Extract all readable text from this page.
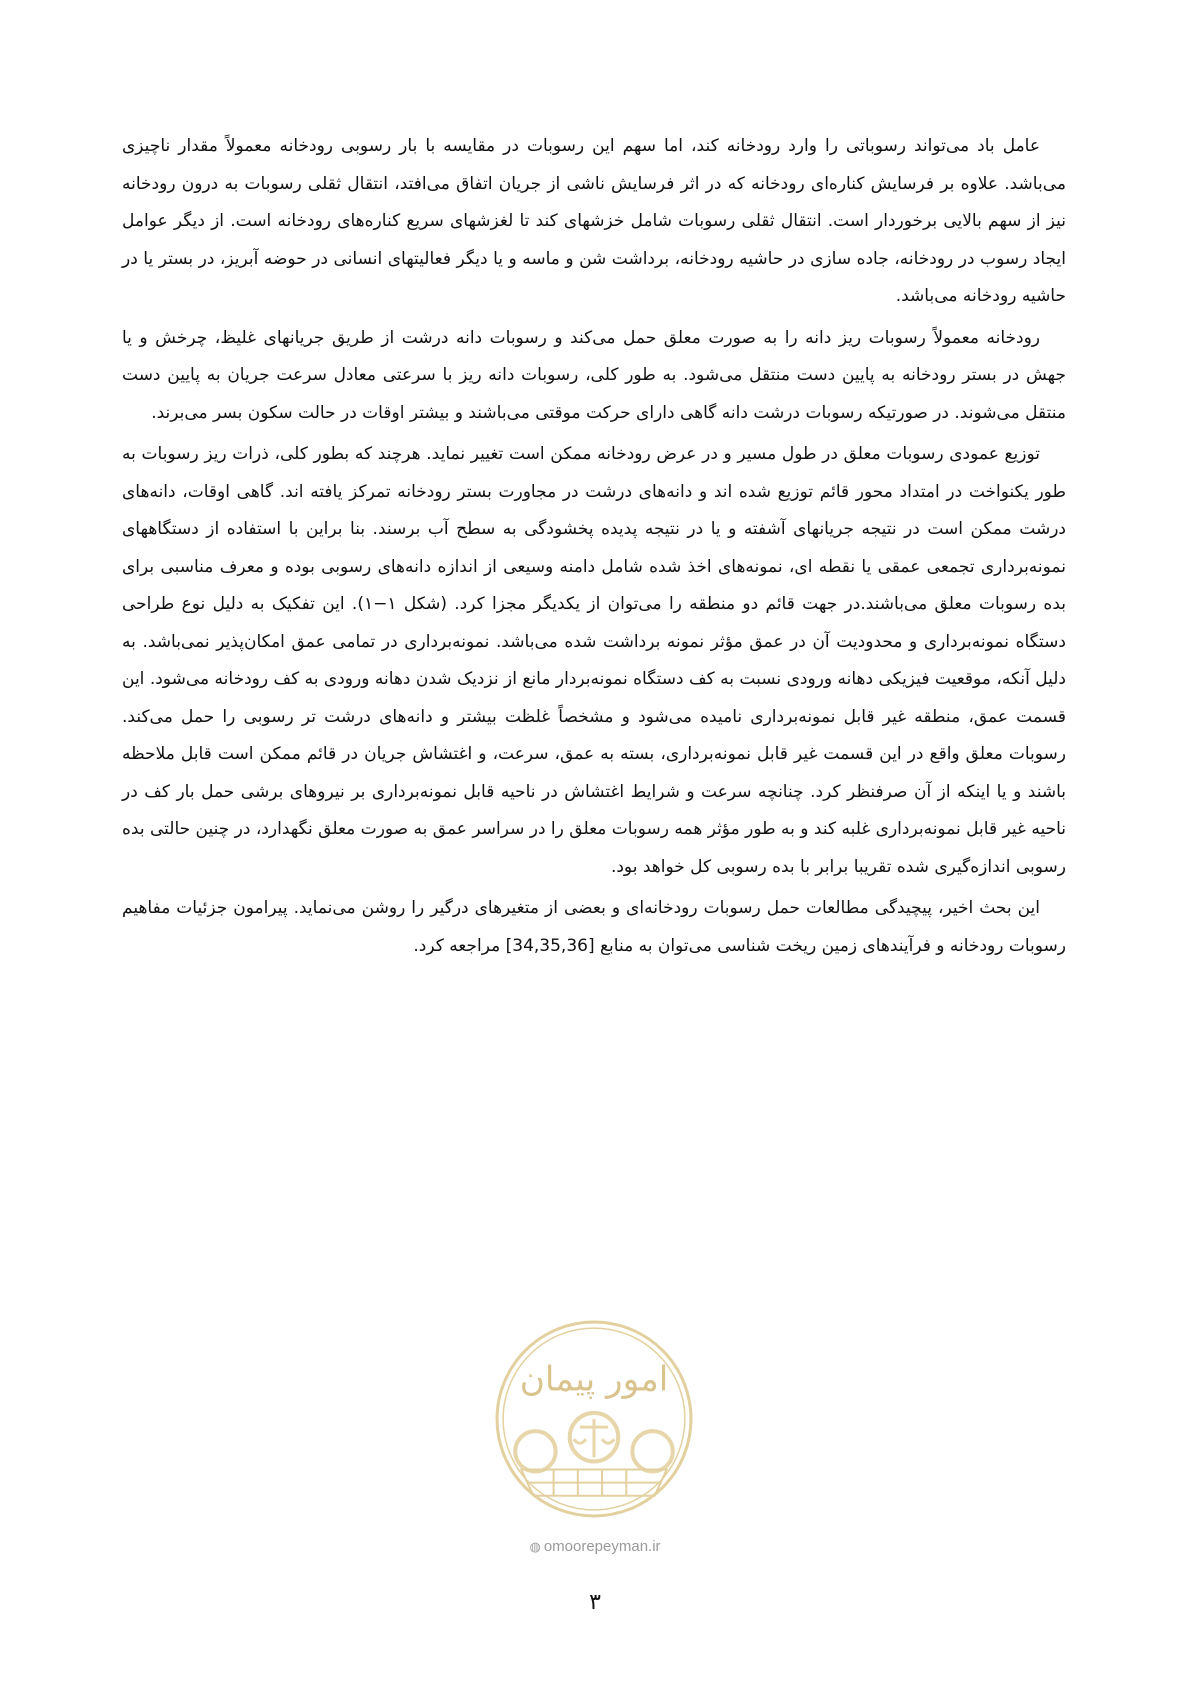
عامل باد می‌تواند رسوباتی را وارد رودخانه کند، اما سهم این رسوبات در مقایسه با بار رسوبی رودخانه معمولاً مقدار ناچیزی می‌باشد. علاوه بر فرسایش کناره‌ای رودخانه که در اثر فرسایش ناشی از جریان اتفاق می‌افتد، انتقال ثقلی رسوبات به درون رودخانه نیز از سهم بالایی برخوردار است. انتقال ثقلی رسوبات شامل خزشهای کند تا لغزشهای سریع کناره‌های رودخانه است. از دیگر عوامل ایجاد رسوب در رودخانه، جاده سازی در حاشیه رودخانه، برداشت شن و ماسه و یا دیگر فعالیتهای انسانی در حوضه آبریز، در بستر یا در حاشیه رودخانه می‌باشد.

رودخانه معمولاً رسوبات ریز دانه را به صورت معلق حمل می‌کند و رسوبات دانه درشت از طریق جریانهای غلیظ، چرخش و یا جهش در بستر رودخانه به پایین دست منتقل می‌شود. به طور کلی، رسوبات دانه ریز با سرعتی معادل سرعت جریان به پایین دست منتقل می‌شوند. در صورتیکه رسوبات درشت دانه گاهی دارای حرکت موقتی می‌باشند و بیشتر اوقات در حالت سکون بسر می‌برند.

توزیع عمودی رسوبات معلق در طول مسیر و در عرض رودخانه ممکن است تغییر نماید. هرچند که بطور کلی، ذرات ریز رسوبات به طور یکنواخت در امتداد محور قائم توزیع شده اند و دانه‌های درشت در مجاورت بستر رودخانه تمرکز یافته اند. گاهی اوقات، دانه‌های درشت ممکن است در نتیجه جریانهای آشفته و یا در نتیجه پدیده پخشودگی به سطح آب برسند. بنا براین با استفاده از دستگاههای نمونه‌برداری تجمعی عمقی یا نقطه ای، نمونه‌های اخذ شده شامل دامنه وسیعی از اندازه دانه‌های رسوبی بوده و معرف مناسبی برای بده رسوبات معلق می‌باشند.در جهت قائم دو منطقه را می‌توان از یکدیگر مجزا کرد. (شکل ۱−۱). این تفکیک به دلیل نوع طراحی دستگاه نمونه‌برداری و محدودیت آن در عمق مؤثر نمونه برداشت شده می‌باشد. نمونه‌برداری در تمامی عمق امکان‌پذیر نمی‌باشد. به دلیل آنکه، موقعیت فیزیکی دهانه ورودی نسبت به کف دستگاه نمونه‌بردار مانع از نزدیک شدن دهانه ورودی به کف رودخانه می‌شود. این قسمت عمق، منطقه غیر قابل نمونه‌برداری نامیده می‌شود و مشخصاً غلظت بیشتر و دانه‌های درشت تر رسوبی را حمل می‌کند. رسوبات معلق واقع در این قسمت غیر قابل نمونه‌برداری، بسته به عمق، سرعت، و اغتشاش جریان در قائم ممکن است قابل ملاحظه باشند و یا اینکه از آن صرفنظر کرد. چنانچه سرعت و شرایط اغتشاش در ناحیه قابل نمونه‌برداری بر نیروهای برشی حمل بار کف در ناحیه غیر قابل نمونه‌برداری غلبه کند و به طور مؤثر همه رسوبات معلق را در سراسر عمق به صورت معلق نگهدارد، در چنین حالتی بده رسوبی اندازه‌گیری شده تقریبا برابر با بده رسوبی کل خواهد بود.

این بحث اخیر، پیچیدگی مطالعات حمل رسوبات رودخانه‌ای و بعضی از متغیرهای درگیر را روشن می‌نماید. پیرامون جزئیات مفاهیم رسوبات رودخانه و فرآیندهای زمین ریخت شناسی می‌توان به منابع [34,35,36] مراجعه کرد.

امور پیمان
◍ omoorepeyman.ir
۳
